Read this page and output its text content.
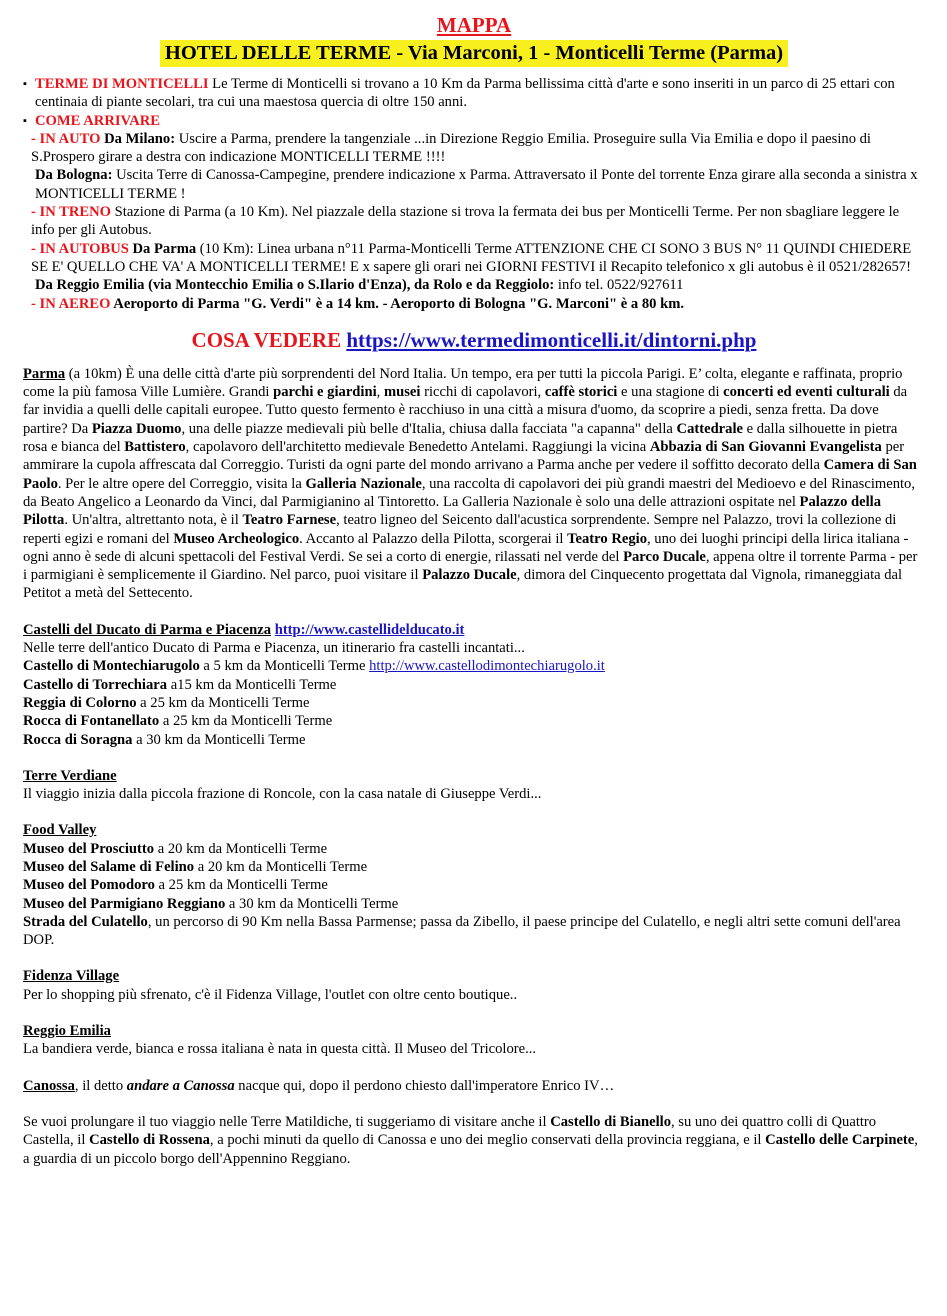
MAPPA
HOTEL DELLE TERME - Via Marconi, 1 - Monticelli Terme (Parma)
▪ TERME DI MONTICELLI Le Terme di Monticelli si trovano a 10 Km da Parma bellissima città d'arte e sono inseriti in un parco di 25 ettari con centinaia di piante secolari, tra cui una maestosa quercia di oltre 150 anni.
▪ COME ARRIVARE
- IN AUTO Da Milano: Uscire a Parma, prendere la tangenziale ...in Direzione Reggio Emilia. Proseguire sulla Via Emilia e dopo il paesino di S.Prospero girare a destra con indicazione MONTICELLI TERME !!!!
Da Bologna: Uscita Terre di Canossa-Campegine, prendere indicazione x Parma. Attraversato il Ponte del torrente Enza girare alla seconda a sinistra x MONTICELLI TERME !
- IN TRENO Stazione di Parma (a 10 Km). Nel piazzale della stazione si trova la fermata dei bus per Monticelli Terme. Per non sbagliare leggere le info per gli Autobus.
- IN AUTOBUS Da Parma (10 Km): Linea urbana n°11 Parma-Monticelli Terme ATTENZIONE CHE CI SONO 3 BUS N° 11 QUINDI CHIEDERE SE E' QUELLO CHE VA' A MONTICELLI TERME! E x sapere gli orari nei GIORNI FESTIVI il Recapito telefonico x gli autobus è il 0521/282657!
Da Reggio Emilia (via Montecchio Emilia o S.Ilario d'Enza), da Rolo e da Reggiolo: info tel. 0522/927611
- IN AEREO Aeroporto di Parma "G. Verdi" è a 14 km. - Aeroporto di Bologna "G. Marconi" è a 80 km.
COSA VEDERE https://www.termedimonticelli.it/dintorni.php

Parma (a 10km) È una delle città d'arte più sorprendenti del Nord Italia. Un tempo, era per tutti la piccola Parigi. E’ colta, elegante e raffinata, proprio come la più famosa Ville Lumière. Grandi parchi e giardini, musei ricchi di capolavori, caffè storici e una stagione di concerti ed eventi culturali da far invidia a quelli delle capitali europee. Tutto questo fermento è racchiuso in una città a misura d'uomo, da scoprire a piedi, senza fretta. Da dove partire? Da Piazza Duomo, una delle piazze medievali più belle d'Italia, chiusa dalla facciata "a capanna" della Cattedrale e dalla silhouette in pietra rosa e bianca del Battistero, capolavoro dell'architetto medievale Benedetto Antelami. Raggiungi la vicina Abbazia di San Giovanni Evangelista per ammirare la cupola affrescata dal Correggio. Turisti da ogni parte del mondo arrivano a Parma anche per vedere il soffitto decorato della Camera di San Paolo. Per le altre opere del Correggio, visita la Galleria Nazionale, una raccolta di capolavori dei più grandi maestri del Medioevo e del Rinascimento, da Beato Angelico a Leonardo da Vinci, dal Parmigianino al Tintoretto. La Galleria Nazionale è solo una delle attrazioni ospitate nel Palazzo della Pilotta. Un'altra, altrettanto nota, è il Teatro Farnese, teatro ligneo del Seicento dall'acustica sorprendente. Sempre nel Palazzo, trovi la collezione di reperti egizi e romani del Museo Archeologico. Accanto al Palazzo della Pilotta, scorgerai il Teatro Regio, uno dei luoghi principi della lirica italiana - ogni anno è sede di alcuni spettacoli del Festival Verdi. Se sei a corto di energie, rilassati nel verde del Parco Ducale, appena oltre il torrente Parma - per i parmigiani è semplicemente il Giardino. Nel parco, puoi visitare il Palazzo Ducale, dimora del Cinquecento progettata dal Vignola, rimaneggiata dal Petitot a metà del Settecento.

Castelli del Ducato di Parma e Piacenza http://www.castellidelducato.it
Nelle terre dell'antico Ducato di Parma e Piacenza, un itinerario fra castelli incantati...
Castello di Montechiarugolo a 5 km da Monticelli Terme http://www.castellodimontechiarugolo.it
Castello di Torrechiara a15 km da Monticelli Terme
Reggia di Colorno a 25 km da Monticelli Terme
Rocca di Fontanellato a 25 km da Monticelli Terme
Rocca di Soragna a 30 km da Monticelli Terme
Terre Verdiane
Il viaggio inizia dalla piccola frazione di Roncole, con la casa natale di Giuseppe Verdi...
Food Valley
Museo del Prosciutto a 20 km da Monticelli Terme
Museo del Salame di Felino a 20 km da Monticelli Terme
Museo del Pomodoro a 25 km da Monticelli Terme
Museo del Parmigiano Reggiano a 30 km da Monticelli Terme
Strada del Culatello, un percorso di 90 Km nella Bassa Parmense; passa da Zibello, il paese principe del Culatello, e negli altri sette comuni dell'area DOP.
Fidenza Village
Per lo shopping più sfrenato, c'è il Fidenza Village, l'outlet con oltre cento boutique..
Reggio Emilia
La bandiera verde, bianca e rossa italiana è nata in questa città. Il Museo del Tricolore...
Canossa, il detto andare a Canossa nacque qui, dopo il perdono chiesto dall'imperatore Enrico IV…

Se vuoi prolungare il tuo viaggio nelle Terre Matildiche, ti suggeriamo di visitare anche il Castello di Bianello, su uno dei quattro colli di Quattro Castella, il Castello di Rossena, a pochi minuti da quello di Canossa e uno dei meglio conservati della provincia reggiana, e il Castello delle Carpinete, a guardia di un piccolo borgo dell'Appennino Reggiano.
